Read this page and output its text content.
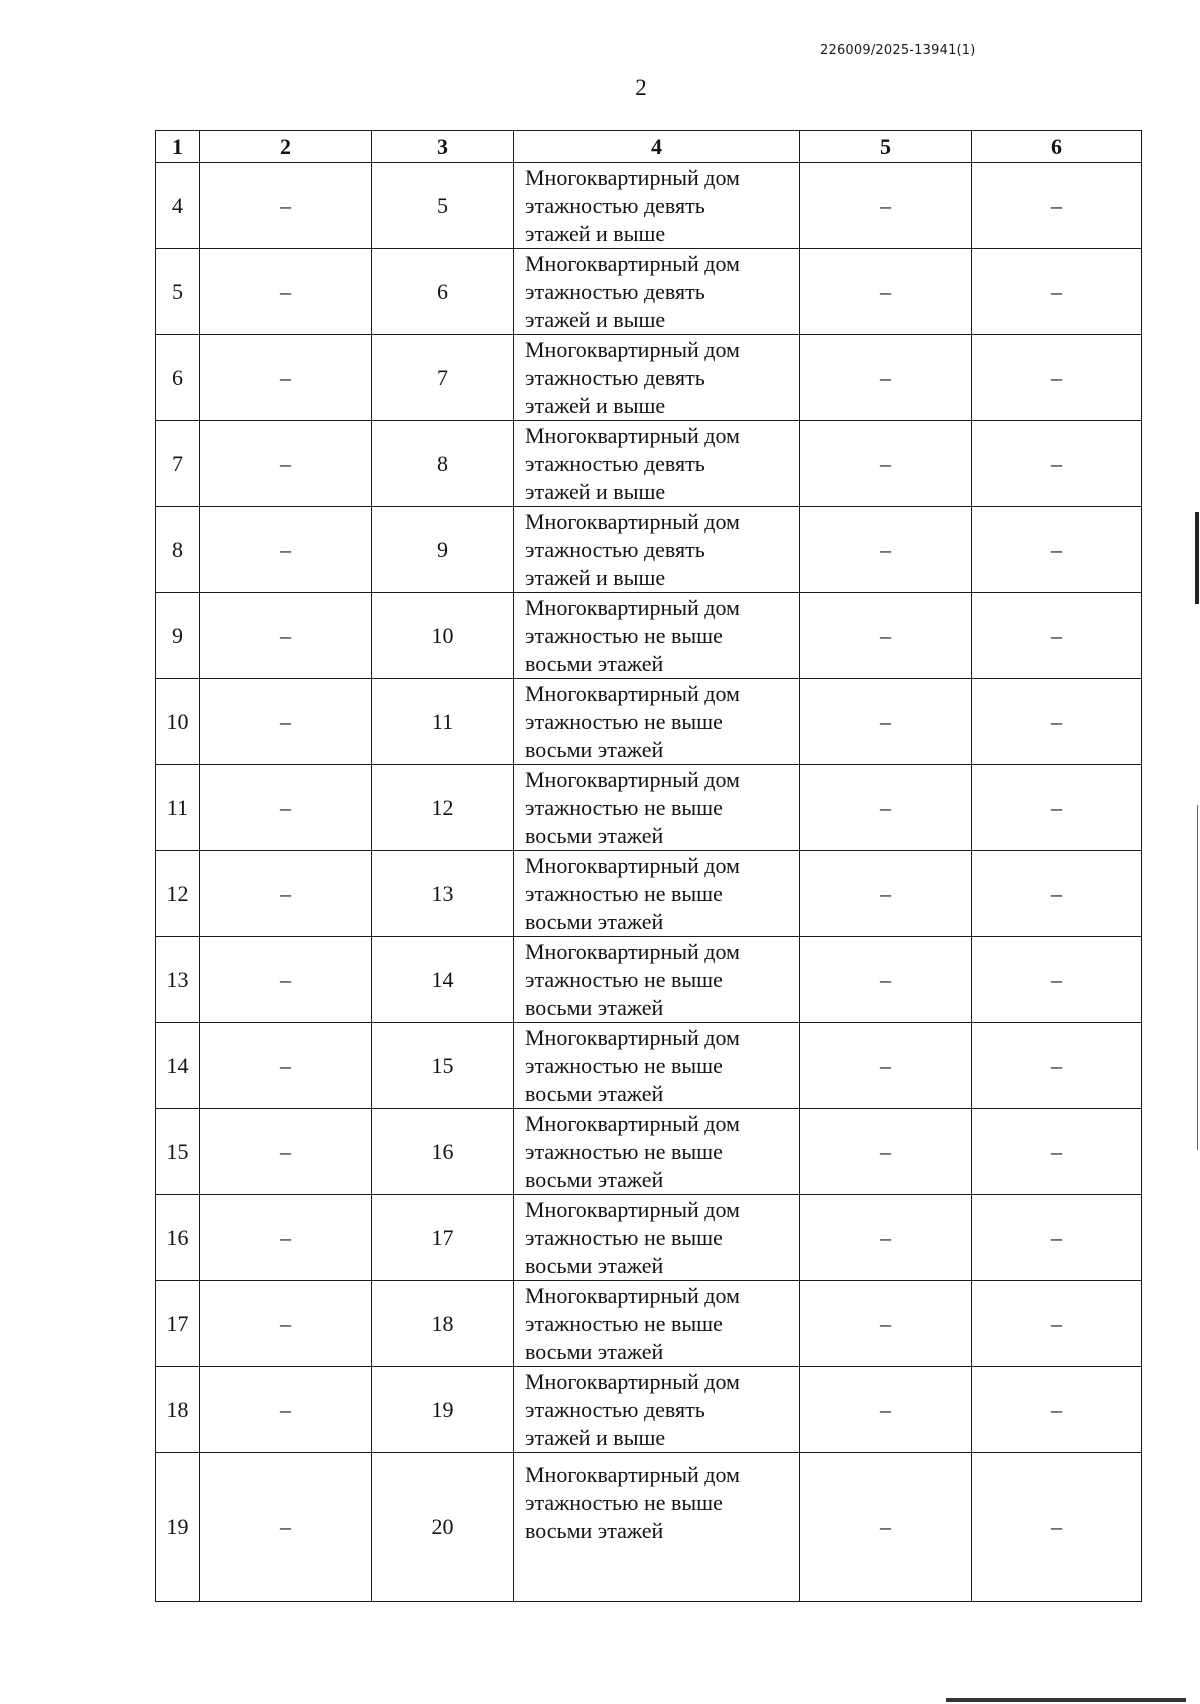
226009/2025-13941(1)
2
1	2	3	4	5	6
4	–	5	Многоквартирный дом
этажностью девять
этажей и выше	–	–
5	–	6	Многоквартирный дом
этажностью девять
этажей и выше	–	–
6	–	7	Многоквартирный дом
этажностью девять
этажей и выше	–	–
7	–	8	Многоквартирный дом
этажностью девять
этажей и выше	–	–
8	–	9	Многоквартирный дом
этажностью девять
этажей и выше	–	–
9	–	10	Многоквартирный дом
этажностью не выше
восьми этажей	–	–
10	–	11	Многоквартирный дом
этажностью не выше
восьми этажей	–	–
11	–	12	Многоквартирный дом
этажностью не выше
восьми этажей	–	–
12	–	13	Многоквартирный дом
этажностью не выше
восьми этажей	–	–
13	–	14	Многоквартирный дом
этажностью не выше
восьми этажей	–	–
14	–	15	Многоквартирный дом
этажностью не выше
восьми этажей	–	–
15	–	16	Многоквартирный дом
этажностью не выше
восьми этажей	–	–
16	–	17	Многоквартирный дом
этажностью не выше
восьми этажей	–	–
17	–	18	Многоквартирный дом
этажностью не выше
восьми этажей	–	–
18	–	19	Многоквартирный дом
этажностью девять
этажей и выше	–	–
19	–	20	Многоквартирный дом
этажностью не выше
восьми этажей	–	–
